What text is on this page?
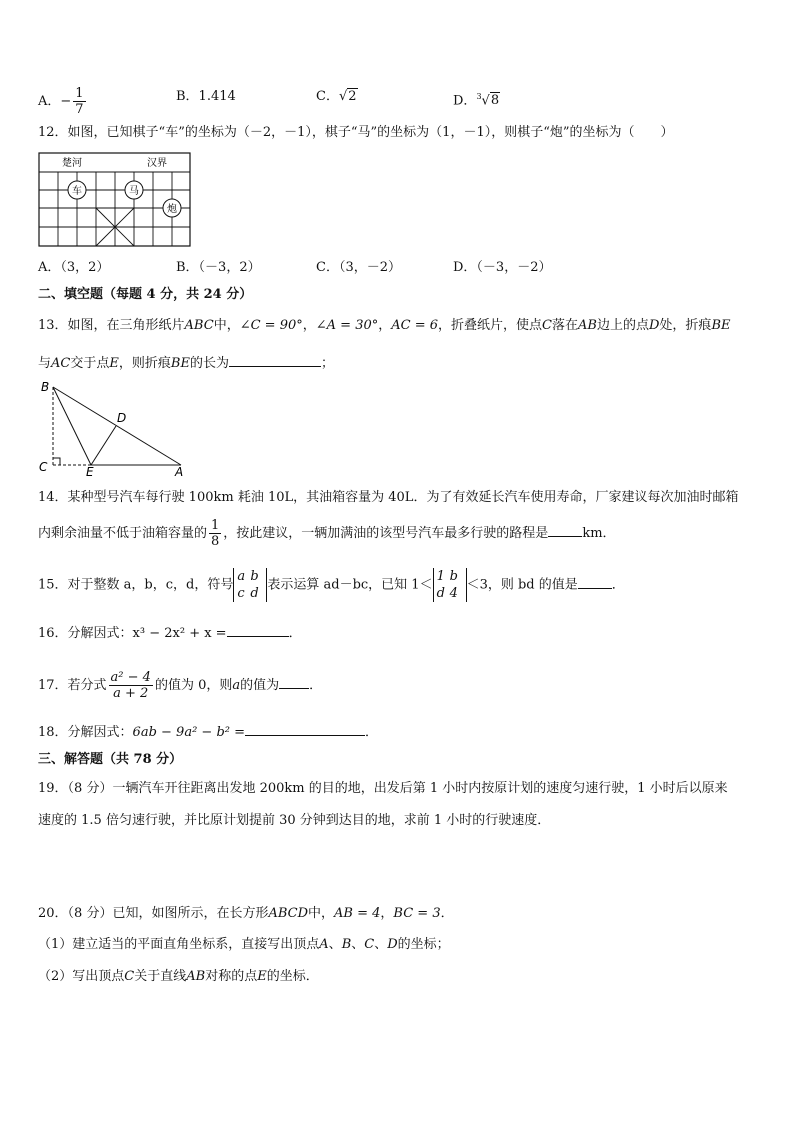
A．− $\frac{1}{7}$	B．1.414	C．√2	D．$^3$√8
12．如图，已知棋子“车”的坐标为（－2，－1），棋子“马”的坐标为（1，－1），则棋子“炮”的坐标为（　　）
楚河	汉界
车	马
炮
A．（3，2）	B．（－3，2）	C．（3，－2）	D．（－3，－2）
二、填空题（每题 4 分，共 24 分）
13．如图，在三角形纸片ABC中，∠C = 90°，∠A = 30°，AC = 6，折叠纸片，使点C落在AB边上的点D处，折痕BE
与AC交于点E，则折痕BE的长为	；
B
D
C	E	A
14．某种型号汽车每行驶 100km 耗油 10L，其油箱容量为 40L．为了有效延长汽车使用寿命，厂家建议每次加油时邮箱
内剩余油量不低于油箱容量的 $\frac{1}{8}$ ，按此建议，一辆加满油的该型号汽车最多行驶的路程是	km．
15．对于整数 a，b，c，d，符号a b
c d表示运算 ad－bc，已知 1＜1 b
d 4＜3，则 bd 的值是	．
16．分解因式：x³ − 2x² + x =	．
17．若分式 $\frac{\text{a² − 4}}{a + 2}$ 的值为 0，则a的值为 ．
18．分解因式：6ab − 9a² − b² =	．
三、解答题（共 78 分）
19．（8 分）一辆汽车开往距离出发地 200km 的目的地，出发后第 1 小时内按原计划的速度匀速行驶，1 小时后以原来
速度的 1.5 倍匀速行驶，并比原计划提前 30 分钟到达目的地，求前 1 小时的行驶速度．
20．（8 分）已知，如图所示，在长方形ABCD中，AB = 4，BC = 3．
（1）建立适当的平面直角坐标系，直接写出顶点A、B、C、D的坐标；
（2）写出顶点C关于直线AB对称的点E的坐标．
